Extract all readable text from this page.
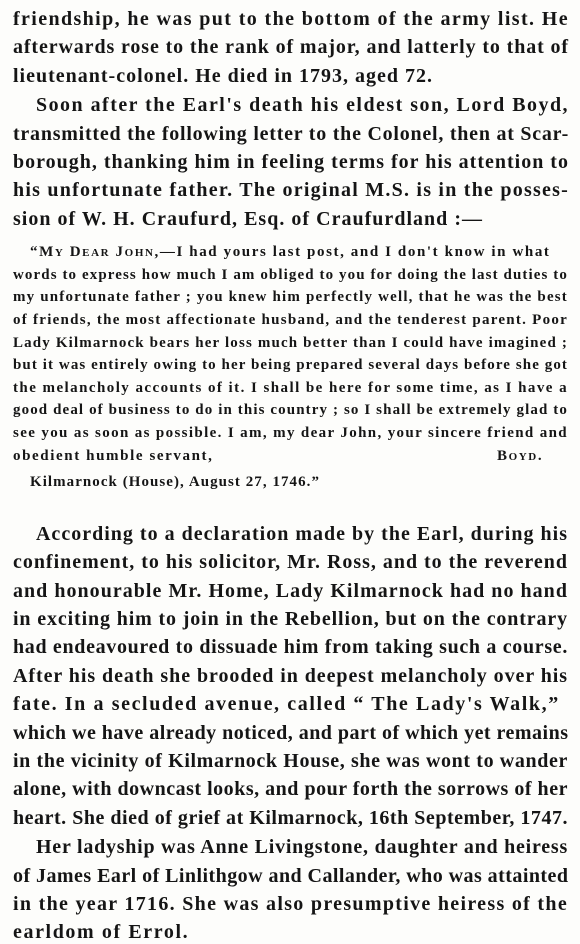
friendship, he was put to the bottom of the army list. He

afterwards rose to the rank of major, and latterly to that of

lieutenant-colonel. He died in 1793, aged 72.

Soon after the Earl's death his eldest son, Lord Boyd,

transmitted the following letter to the Colonel, then at Scar-

borough, thanking him in feeling terms for his attention to

his unfortunate father. The original M.S. is in the posses-

sion of W. H. Craufurd, Esq. of Craufurdland :—

“My Dear John,—I had yours last post, and I don't know in what

words to express how much I am obliged to you for doing the last duties to

my unfortunate father ; you knew him perfectly well, that he was the best

of friends, the most affectionate husband, and the tenderest parent. Poor

Lady Kilmarnock bears her loss much better than I could have imagined ;

but it was entirely owing to her being prepared several days before she got

the melancholy accounts of it. I shall be here for some time, as I have a

good deal of business to do in this country ; so I shall be extremely glad to

see you as soon as possible. I am, my dear John, your sincere friend and

obedient humble servant,	Boyd.

Kilmarnock (House), August 27, 1746.”

According to a declaration made by the Earl, during his

confinement, to his solicitor, Mr. Ross, and to the reverend

and honourable Mr. Home, Lady Kilmarnock had no hand

in exciting him to join in the Rebellion, but on the contrary

had endeavoured to dissuade him from taking such a course.

After his death she brooded in deepest melancholy over his

fate. In a secluded avenue, called “ The Lady's Walk,”

which we have already noticed, and part of which yet remains

in the vicinity of Kilmarnock House, she was wont to wander

alone, with downcast looks, and pour forth the sorrows of her

heart. She died of grief at Kilmarnock, 16th September, 1747.

Her ladyship was Anne Livingstone, daughter and heiress

of James Earl of Linlithgow and Callander, who was attainted

in the year 1716. She was also presumptive heiress of the

earldom of Errol.
